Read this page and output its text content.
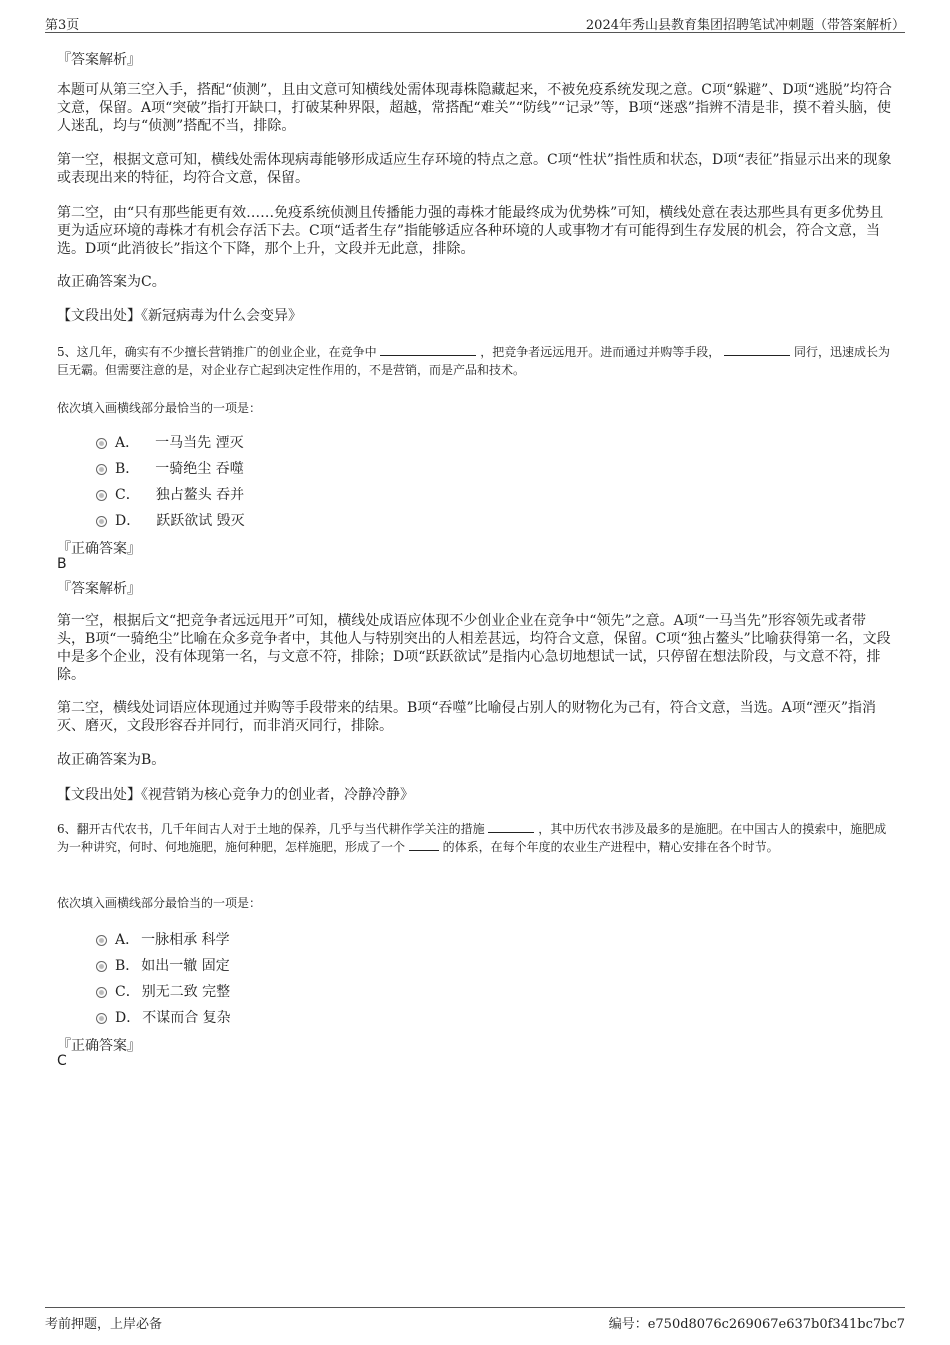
第3页	2024年秀山县教育集团招聘笔试冲刺题（带答案解析）
『答案解析』
本题可从第三空入手，搭配“侦测”，且由文意可知横线处需体现毒株隐藏起来，不被免疫系统发现之意。C项“躲避”、D项“逃脱”均符合文意，保留。A项“突破”指打开缺口，打破某种界限，超越，常搭配“难关”“防线”“记录”等，B项“迷惑”指辨不清是非，摸不着头脑，使人迷乱，均与“侦测”搭配不当，排除。
第一空，根据文意可知，横线处需体现病毒能够形成适应生存环境的特点之意。C项“性状”指性质和状态，D项“表征”指显示出来的现象或表现出来的特征，均符合文意，保留。
第二空，由“只有那些能更有效……免疫系统侦测且传播能力强的毒株才能最终成为优势株”可知，横线处意在表达那些具有更多优势且更为适应环境的毒株才有机会存活下去。C项“适者生存”指能够适应各种环境的人或事物才有可能得到生存发展的机会，符合文意，当选。D项“此消彼长”指这个下降，那个上升，文段并无此意，排除。
故正确答案为C。
【文段出处】《新冠病毒为什么会变异》
5、这几年，确实有不少擅长营销推广的创业企业，在竞争中	，把竞争者远远甩开。进而通过并购等手段，	同行，迅速成长为巨无霸。但需要注意的是，对企业存亡起到决定性作用的，不是营销，而是产品和技术。
依次填入画横线部分最恰当的一项是：
A． 一马当先 湮灭
B． 一骑绝尘 吞噬
C． 独占鳌头 吞并
D． 跃跃欲试 毁灭
『正确答案』
B
『答案解析』
第一空，根据后文“把竞争者远远甩开”可知，横线处成语应体现不少创业企业在竞争中“领先”之意。A项“一马当先”形容领先或者带头，B项“一骑绝尘”比喻在众多竞争者中，其他人与特别突出的人相差甚远，均符合文意，保留。C项“独占鳌头”比喻获得第一名，文段中是多个企业，没有体现第一名，与文意不符，排除；D项“跃跃欲试”是指内心急切地想试一试，只停留在想法阶段，与文意不符，排除。
第二空，横线处词语应体现通过并购等手段带来的结果。B项“吞噬”比喻侵占别人的财物化为己有，符合文意，当选。A项“湮灭”指消灭、磨灭，文段形容吞并同行，而非消灭同行，排除。
故正确答案为B。
【文段出处】《视营销为核心竞争力的创业者，冷静冷静》
6、翻开古代农书，几千年间古人对于土地的保养，几乎与当代耕作学关注的措施	，其中历代农书涉及最多的是施肥。在中国古人的摸索中，施肥成为一种讲究，何时、何地施肥，施何种肥，怎样施肥，形成了一个	的体系，在每个年度的农业生产进程中，精心安排在各个时节。
依次填入画横线部分最恰当的一项是：
A． 一脉相承 科学
B． 如出一辙 固定
C． 别无二致 完整
D． 不谋而合 复杂
『正确答案』
C
考前押题，上岸必备	编号：e750d8076c269067e637b0f341bc7bc7
